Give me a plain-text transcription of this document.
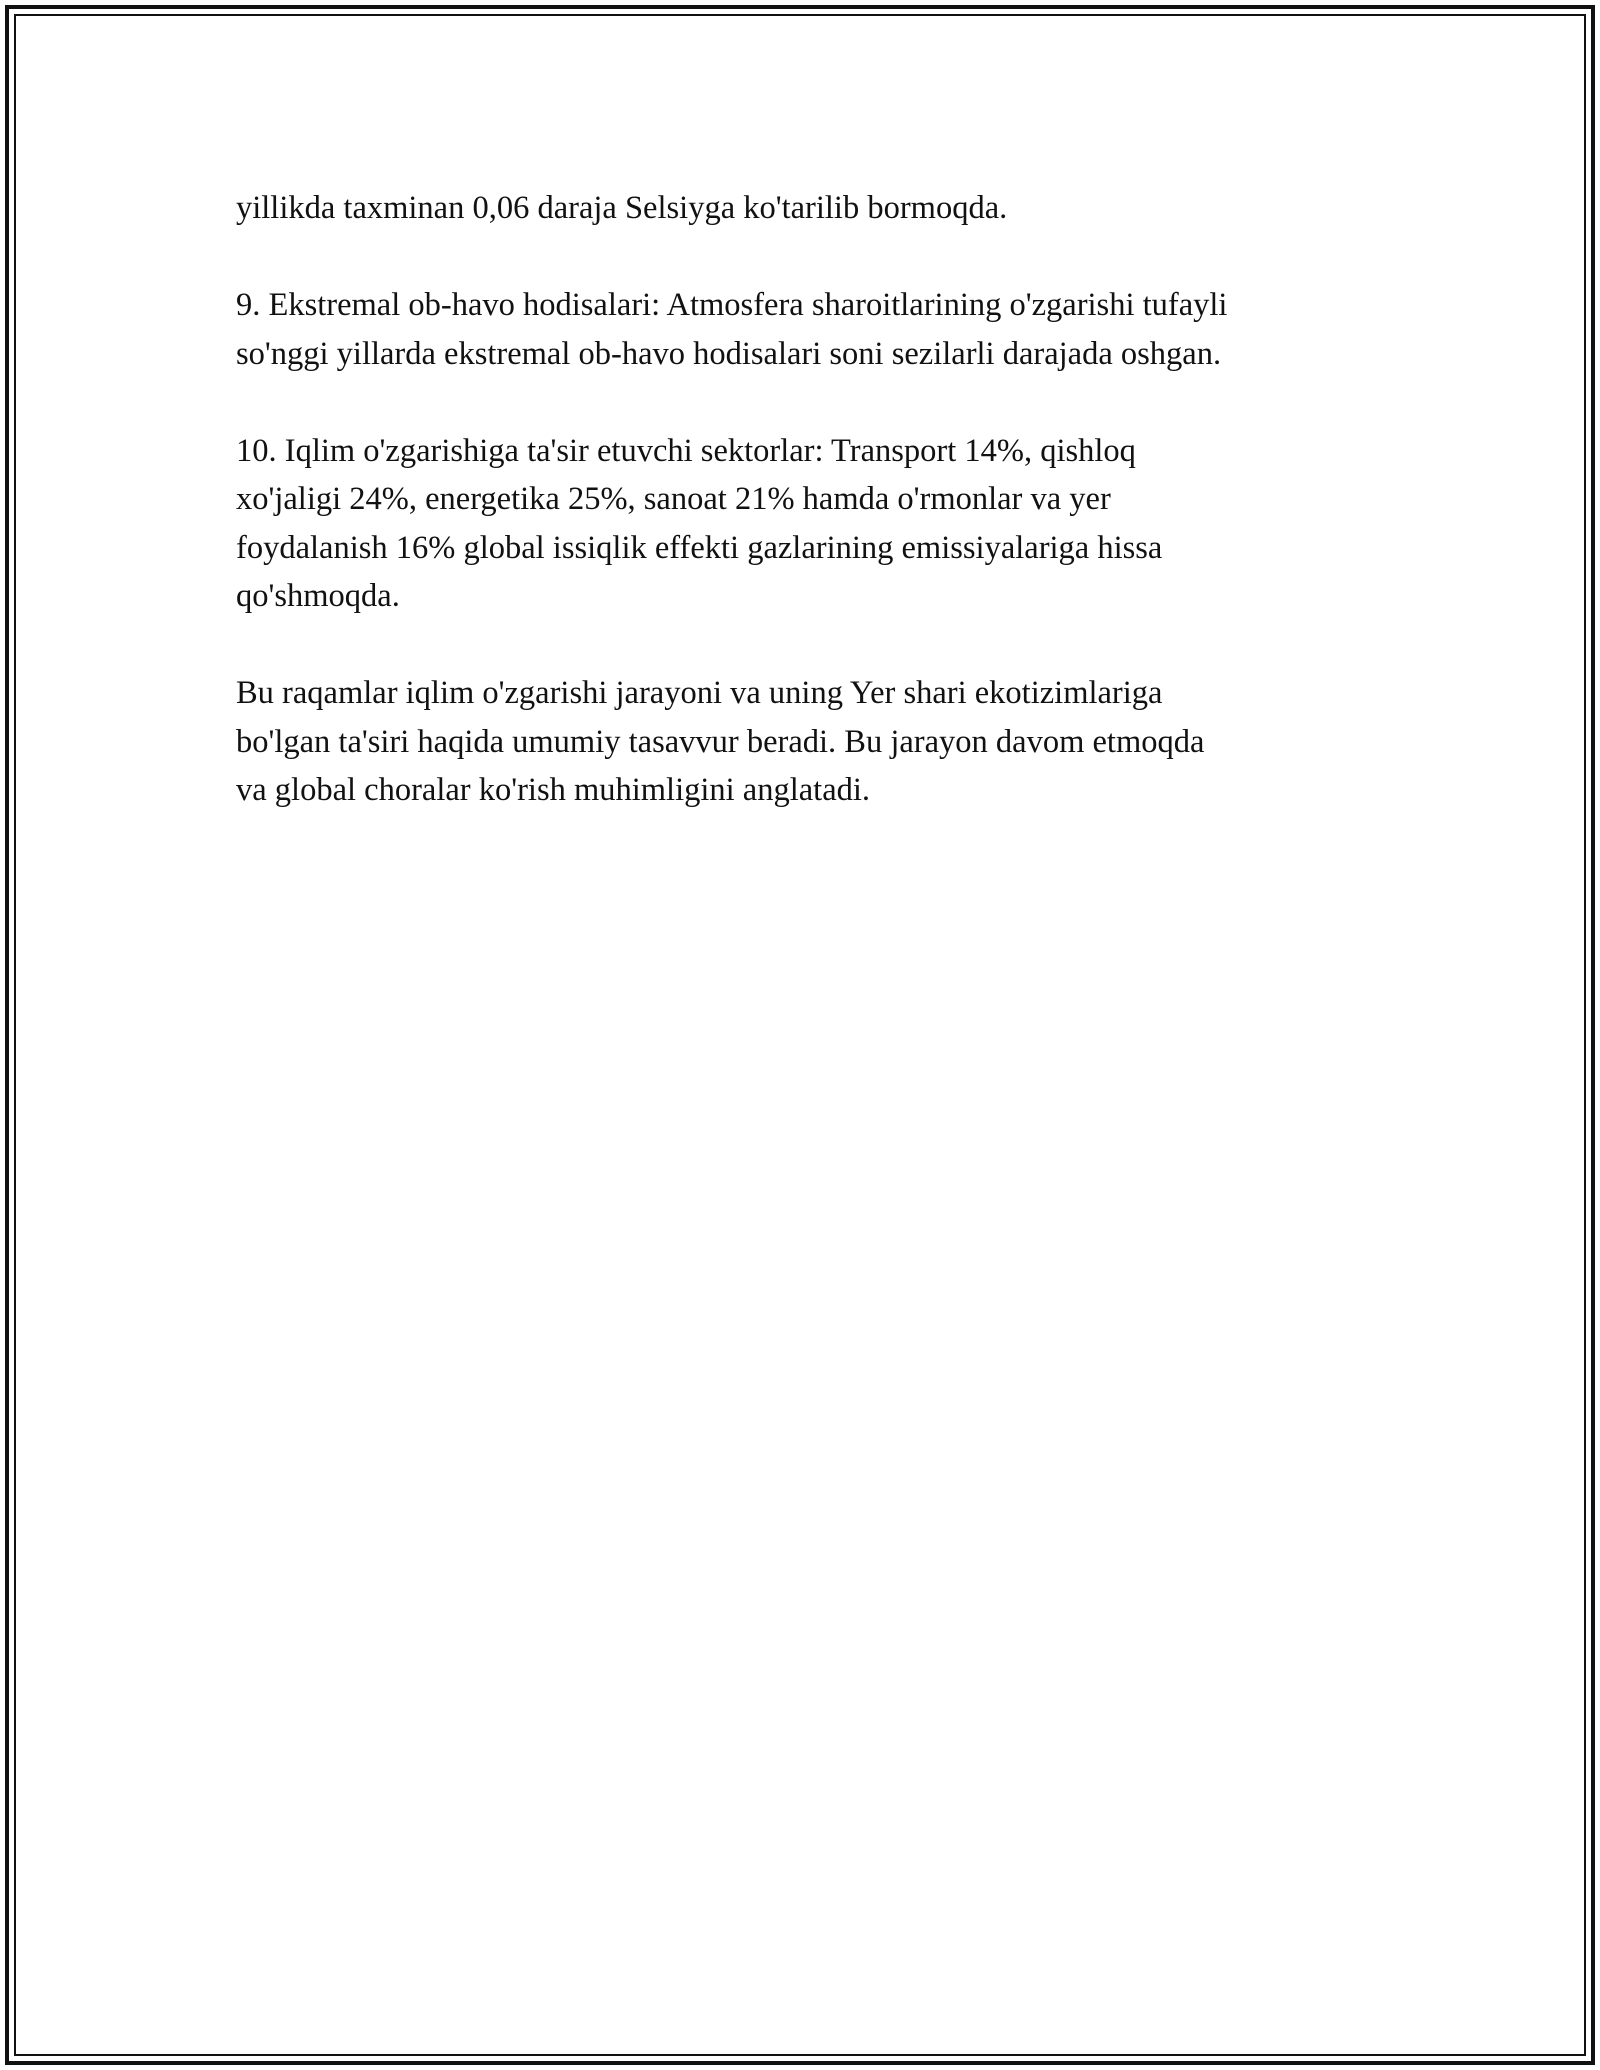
yillikda taxminan 0,06 daraja Selsiyga ko'tarilib bormoqda.

9. Ekstremal ob-havo hodisalari: Atmosfera sharoitlarining o'zgarishi tufayli
so'nggi yillarda ekstremal ob-havo hodisalari soni sezilarli darajada oshgan.

10. Iqlim o'zgarishiga ta'sir etuvchi sektorlar: Transport 14%, qishloq
xo'jaligi 24%, energetika 25%, sanoat 21% hamda o'rmonlar va yer
foydalanish 16% global issiqlik effekti gazlarining emissiyalariga hissa
qo'shmoqda.

Bu raqamlar iqlim o'zgarishi jarayoni va uning Yer shari ekotizimlariga
bo'lgan ta'siri haqida umumiy tasavvur beradi. Bu jarayon davom etmoqda
va global choralar ko'rish muhimligini anglatadi.
